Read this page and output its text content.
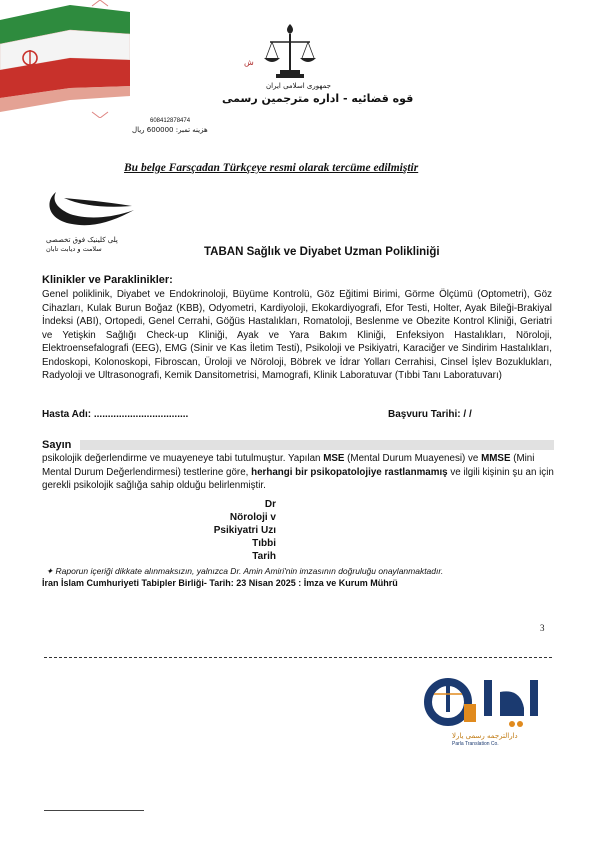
ش
جمهوری اسلامی ایران
قوه قضائیه - اداره مترجمین رسمی
608412878474
هزینه تمبر: 600000 ریال
Bu belge Farsçadan Türkçeye resmi olarak tercüme edilmiştir
پلی کلینیک فوق تخصصی
سلامت و دیابت تابان	TABAN Sağlık ve Diyabet Uzman Polikliniği
Klinikler ve Paraklinikler:
Genel poliklinik, Diyabet ve Endokrinoloji, Büyüme Kontrolü, Göz Eğitimi Birimi, Görme Ölçümü (Optometri), Göz Cihazları, Kulak Burun Boğaz (KBB), Odyometri, Kardiyoloji, Ekokardiyografi, Efor Testi, Holter, Ayak Bileği-Brakiyal İndeksi (ABI), Ortopedi, Genel Cerrahi, Göğüs Hastalıkları, Romatoloji, Beslenme ve Obezite Kontrol Kliniği, Geriatri ve Yetişkin Sağlığı Check-up Kliniği, Ayak ve Yara Bakım Kliniği, Enfeksiyon Hastalıkları, Nöroloji, Elektroensefalografi (EEG), EMG (Sinir ve Kas İletim Testi), Psikoloji ve Psikiyatri, Karaciğer ve Sindirim Hastalıkları, Endoskopi, Kolonoskopi, Fibroscan, Üroloji ve Nöroloji, Böbrek ve İdrar Yolları Cerrahisi, Cinsel İşlev Bozuklukları, Radyoloji ve Ultrasonografi, Kemik Dansitometrisi, Mamografi, Klinik Laboratuvar (Tıbbi Tanı Laboratuvarı)
Hasta Adı: ..................................	Başvuru Tarihi: / /
Sayın
psikolojik değerlendirme ve muayeneye tabi tutulmuştur. Yapılan MSE (Mental Durum Muayenesi) ve MMSE (Mini Mental Durum Değerlendirmesi) testlerine göre, herhangi bir psikopatolojiye rastlanmamış ve ilgili kişinin şu an için gerekli psikolojik sağlığa sahip olduğu belirlenmiştir.
Dr
Nöroloji v
Psikiyatri Uzı
Tıbbi
Tarih
✦ Raporun içeriği dikkate alınmaksızın, yalnızca Dr. Amin Amiri'nin imzasının doğruluğu onaylanmaktadır.
İran İslam Cumhuriyeti Tabipler Birliği- Tarih: 23 Nisan 2025 : İmza ve Kurum Mührü
3
دارالترجمه رسمی یارلا
Parla Translation Co.
